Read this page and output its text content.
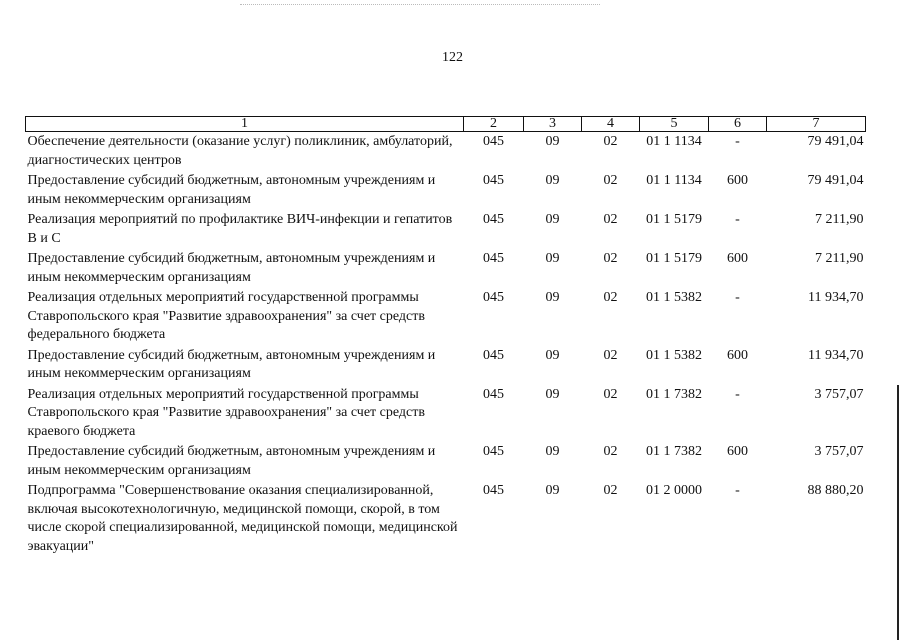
122
1	2	3	4	5	6	7
Обеспечение деятельности (оказание услуг) поликлиник, амбулаторий, диагностических центров	045	09	02	01 1 1134	-	79 491,04
Предоставление субсидий бюджетным, автономным учреждениям и иным некоммерческим организациям	045	09	02	01 1 1134	600	79 491,04
Реализация мероприятий по профилактике ВИЧ-инфекции и гепатитов В и С	045	09	02	01 1 5179	-	7 211,90
Предоставление субсидий бюджетным, автономным учреждениям и иным некоммерческим организациям	045	09	02	01 1 5179	600	7 211,90
Реализация отдельных мероприятий государственной программы Ставропольского края "Развитие здравоохранения" за счет средств федерального бюджета	045	09	02	01 1 5382	-	11 934,70
Предоставление субсидий бюджетным, автономным учреждениям и иным некоммерческим организациям	045	09	02	01 1 5382	600	11 934,70
Реализация отдельных мероприятий государственной программы Ставропольского края "Развитие здравоохранения" за счет средств краевого бюджета	045	09	02	01 1 7382	-	3 757,07
Предоставление субсидий бюджетным, автономным учреждениям и иным некоммерческим организациям	045	09	02	01 1 7382	600	3 757,07
Подпрограмма "Совершенствование оказания специализированной, включая высокотехнологичную, медицинской помощи, скорой, в том числе скорой специализированной, медицинской помощи, медицинской эвакуации"	045	09	02	01 2 0000	-	88 880,20
